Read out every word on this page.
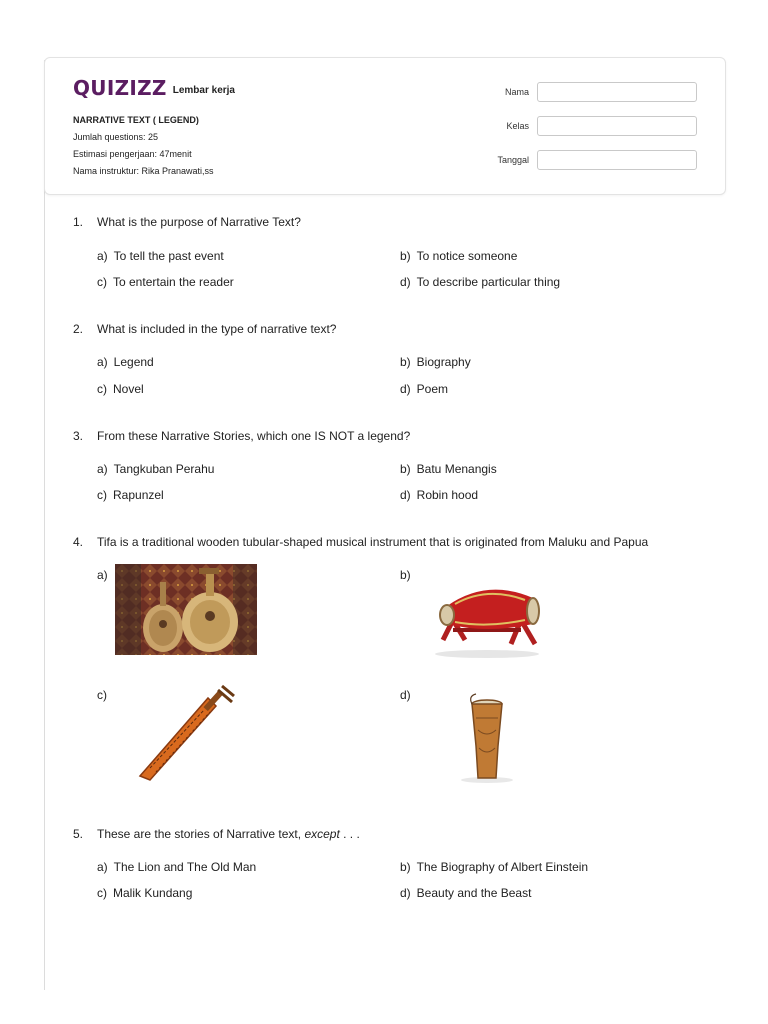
QUIZIZZ Lembar kerja
NARRATIVE TEXT ( LEGEND)
Jumlah questions: 25
Estimasi pengerjaan: 47menit
Nama instruktur: Rika Pranawati,ss
Nama
Kelas
Tanggal
1. What is the purpose of Narrative Text?
a) To tell the past event	b) To notice someone
c) To entertain the reader	d) To describe particular thing
2. What is included in the type of narrative text?
a) Legend	b) Biography
c) Novel	d) Poem
3. From these Narrative Stories, which one IS NOT a legend?
a) Tangkuban Perahu	b) Batu Menangis
c) Rapunzel	d) Robin hood
4. Tifa is a traditional wooden tubular-shaped musical instrument that is originated from Maluku and Papua
a)	b)
c)	d)
5. These are the stories of Narrative text, except . . .
a) The Lion and The Old Man	b) The Biography of Albert Einstein
c) Malik Kundang	d) Beauty and the Beast
